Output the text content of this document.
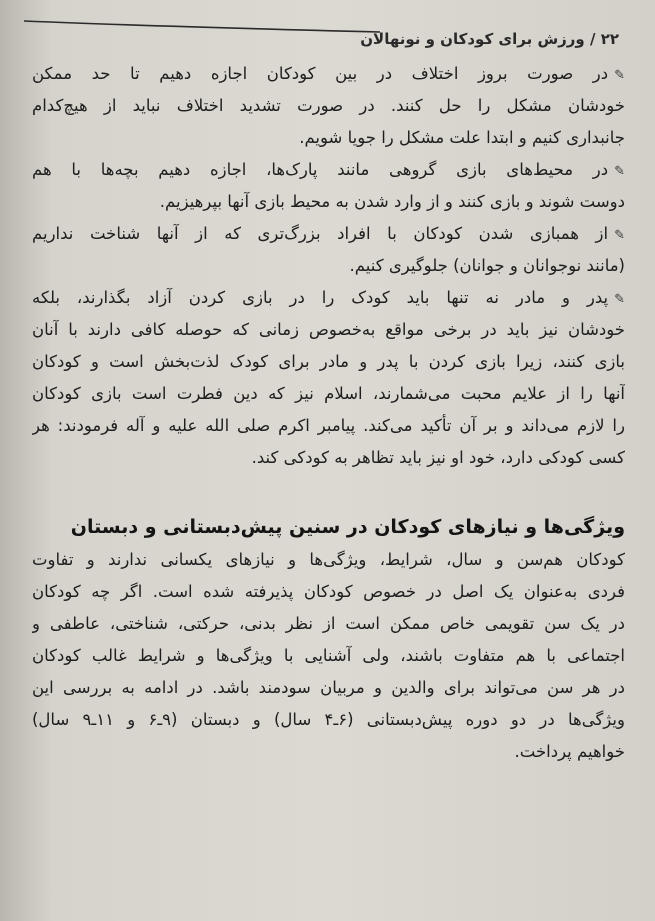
۲۲ / ورزش برای کودکان و نونهالان
✎در صورت بروز اختلاف در بین کودکان اجازه دهیم تا حد ممکن
خودشان مشکل را حل کنند. در صورت تشدید اختلاف نباید از هیچ‌کدام
جانبداری کنیم و ابتدا علت مشکل را جویا شویم.
✎در محیط‌های بازی گروهی مانند پارک‌ها، اجازه دهیم بچه‌ها با هم
دوست شوند و بازی کنند و از وارد شدن به محیط بازی آنها بپرهیزیم.
✎از همبازی شدن کودکان با افراد بزرگ‌تری که از آنها شناخت نداریم
(مانند نوجوانان و جوانان) جلوگیری کنیم.
✎پدر و مادر نه تنها باید کودک را در بازی کردن آزاد بگذارند، بلکه
خودشان نیز باید در برخی مواقع به‌خصوص زمانی که حوصله کافی دارند با آنان
بازی کنند، زیرا بازی کردن با پدر و مادر برای کودک لذت‌بخش است و کودکان
آنها را از علایم محبت می‌شمارند، اسلام نیز که دین فطرت است بازی کودکان
را لازم می‌داند و بر آن تأکید می‌کند. پیامبر اکرم صلی الله علیه و آله فرمودند: هر
کسی کودکی دارد، خود او نیز باید تظاهر به کودکی کند.
ویژگی‌ها و نیازهای کودکان در سنین پیش‌دبستانی و دبستان
کودکان هم‌سن و سال، شرایط، ویژگی‌ها و نیازهای یکسانی ندارند و تفاوت
فردی به‌عنوان یک اصل در خصوص کودکان پذیرفته شده است. اگر چه کودکان
در یک سن تقویمی خاص ممکن است از نظر بدنی، حرکتی، شناختی، عاطفی و
اجتماعی با هم متفاوت باشند، ولی آشنایی با ویژگی‌ها و شرایط غالب کودکان
در هر سن می‌تواند برای والدین و مربیان سودمند باشد. در ادامه به بررسی این
ویژگی‌ها در دو دوره پیش‌دبستانی (۶ـ۴ سال) و دبستان (۹ـ۶ و ۱۱ـ۹ سال)
خواهیم پرداخت.
